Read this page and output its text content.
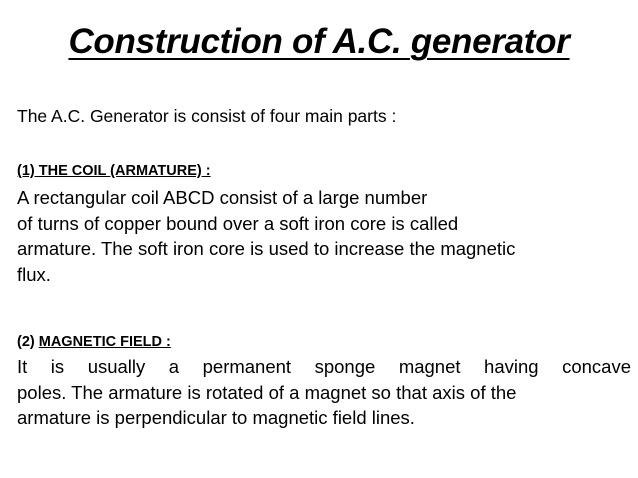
Construction of A.C. generator
The A.C. Generator is consist of four main parts :
(1) THE COIL (ARMATURE) :
A rectangular coil ABCD consist of a large number
of turns of copper bound over a soft iron core is called
armature. The soft iron core is used to increase the magnetic
flux.
(2) MAGNETIC FIELD :
It is usually a permanent sponge magnet having concave
poles. The armature is rotated of a magnet so that axis of the
armature is perpendicular to magnetic field lines.
